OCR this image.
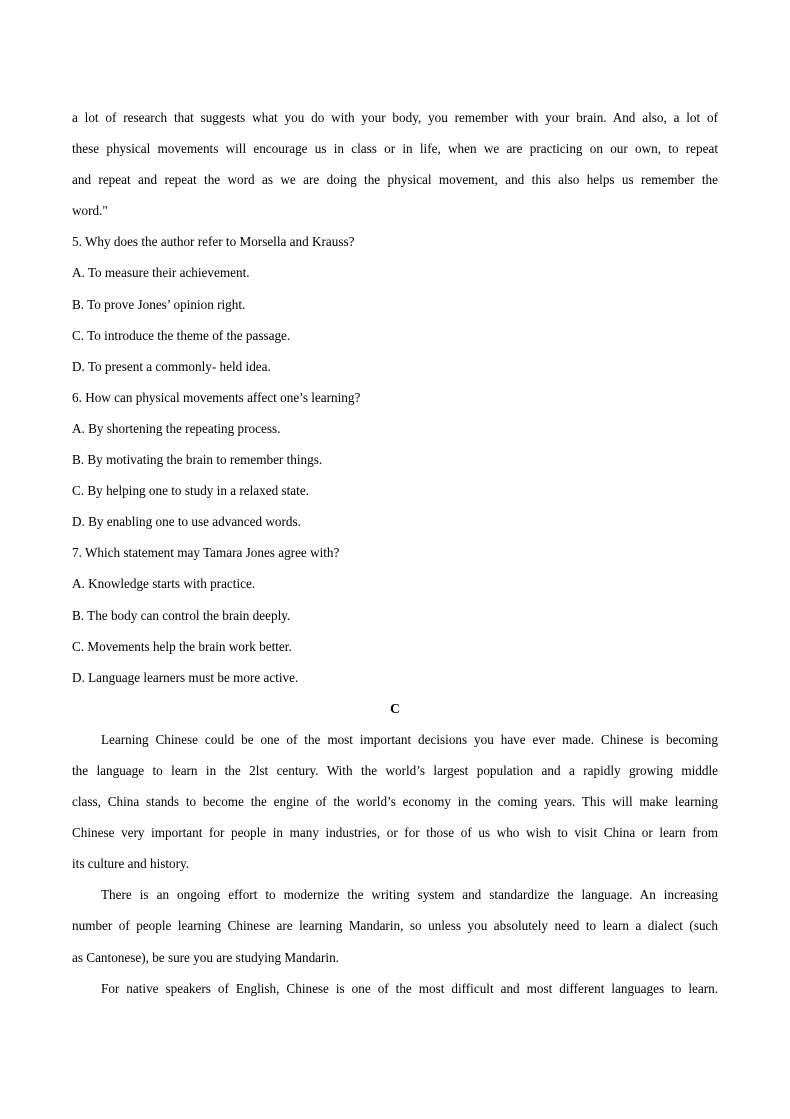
a lot of research that suggests what you do with your body, you remember with your brain. And also, a lot of
these physical movements will encourage us in class or in life, when we are practicing on our own, to repeat
and repeat and repeat the word as we are doing the physical movement, and this also helps us remember the
word."
5. Why does the author refer to Morsella and Krauss?
A. To measure their achievement.
B. To prove Jones’ opinion right.
C. To introduce the theme of the passage.
D. To present a commonly- held idea.
6. How can physical movements affect one’s learning?
A. By shortening the repeating process.
B. By motivating the brain to remember things.
C. By helping one to study in a relaxed state.
D. By enabling one to use advanced words.
7. Which statement may Tamara Jones agree with?
A. Knowledge starts with practice.
B. The body can control the brain deeply.
C. Movements help the brain work better.
D. Language learners must be more active.
C
Learning Chinese could be one of the most important decisions you have ever made. Chinese is becoming
the language to learn in the 2lst century. With the world’s largest population and a rapidly growing middle
class, China stands to become the engine of the world’s economy in the coming years. This will make learning
Chinese very important for people in many industries, or for those of us who wish to visit China or learn from
its culture and history.
There is an ongoing effort to modernize the writing system and standardize the language. An increasing
number of people learning Chinese are learning Mandarin, so unless you absolutely need to learn a dialect (such
as Cantonese), be sure you are studying Mandarin.
For native speakers of English, Chinese is one of the most difficult and most different languages to learn.
